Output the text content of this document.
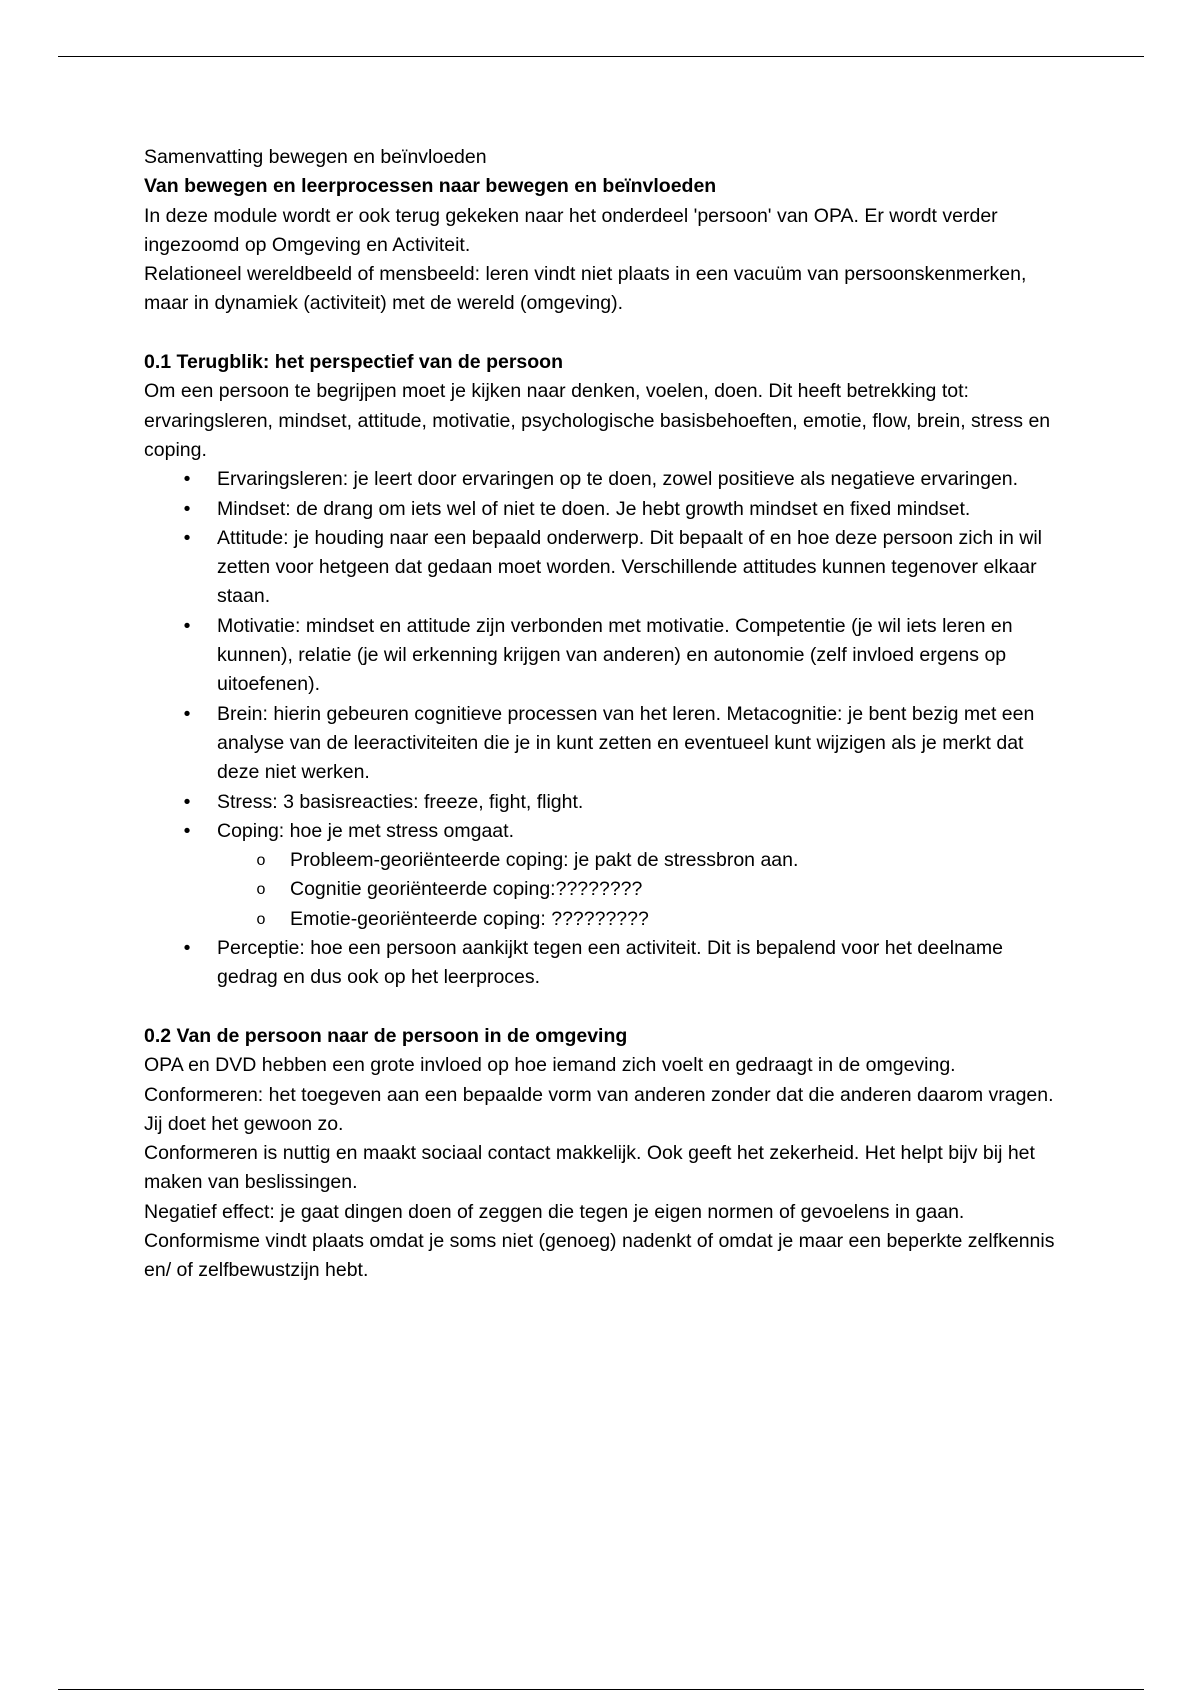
Samenvatting bewegen en beïnvloeden

Van bewegen en leerprocessen naar bewegen en beïnvloeden

In deze module wordt er ook terug gekeken naar het onderdeel 'persoon' van OPA. Er wordt verder ingezoomd op Omgeving en Activiteit.

Relationeel wereldbeeld of mensbeeld: leren vindt niet plaats in een vacuüm van persoonskenmerken, maar in dynamiek (activiteit) met de wereld (omgeving).

0.1 Terugblik: het perspectief van de persoon

Om een persoon te begrijpen moet je kijken naar denken, voelen, doen. Dit heeft betrekking tot: ervaringsleren, mindset, attitude, motivatie, psychologische basisbehoeften, emotie, flow, brein, stress en coping.

• Ervaringsleren: je leert door ervaringen op te doen, zowel positieve als negatieve ervaringen.
• Mindset: de drang om iets wel of niet te doen. Je hebt growth mindset en fixed mindset.
• Attitude: je houding naar een bepaald onderwerp. Dit bepaalt of en hoe deze persoon zich in wil zetten voor hetgeen dat gedaan moet worden. Verschillende attitudes kunnen tegenover elkaar staan.
• Motivatie: mindset en attitude zijn verbonden met motivatie. Competentie (je wil iets leren en kunnen), relatie (je wil erkenning krijgen van anderen) en autonomie (zelf invloed ergens op uitoefenen).
• Brein: hierin gebeuren cognitieve processen van het leren. Metacognitie: je bent bezig met een analyse van de leeractiviteiten die je in kunt zetten en eventueel kunt wijzigen als je merkt dat deze niet werken.
• Stress: 3 basisreacties: freeze, fight, flight.
• Coping: hoe je met stress omgaat.
o Probleem-georiënteerde coping: je pakt de stressbron aan.
o Cognitie georiënteerde coping:????????
o Emotie-georiënteerde coping: ?????????
• Perceptie: hoe een persoon aankijkt tegen een activiteit. Dit is bepalend voor het deelname gedrag en dus ook op het leerproces.

0.2 Van de persoon naar de persoon in de omgeving

OPA en DVD hebben een grote invloed op hoe iemand zich voelt en gedraagt in de omgeving.

Conformeren: het toegeven aan een bepaalde vorm van anderen zonder dat die anderen daarom vragen. Jij doet het gewoon zo.

Conformeren is nuttig en maakt sociaal contact makkelijk. Ook geeft het zekerheid. Het helpt bijv bij het maken van beslissingen.

Negatief effect: je gaat dingen doen of zeggen die tegen je eigen normen of gevoelens in gaan.

Conformisme vindt plaats omdat je soms niet (genoeg) nadenkt of omdat je maar een beperkte zelfkennis en/ of zelfbewustzijn hebt.
